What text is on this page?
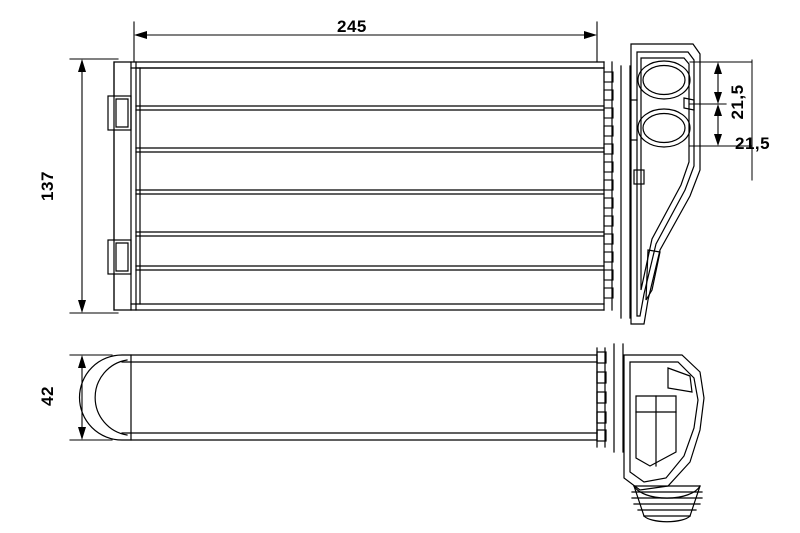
245
137
21,5
21,5
42
